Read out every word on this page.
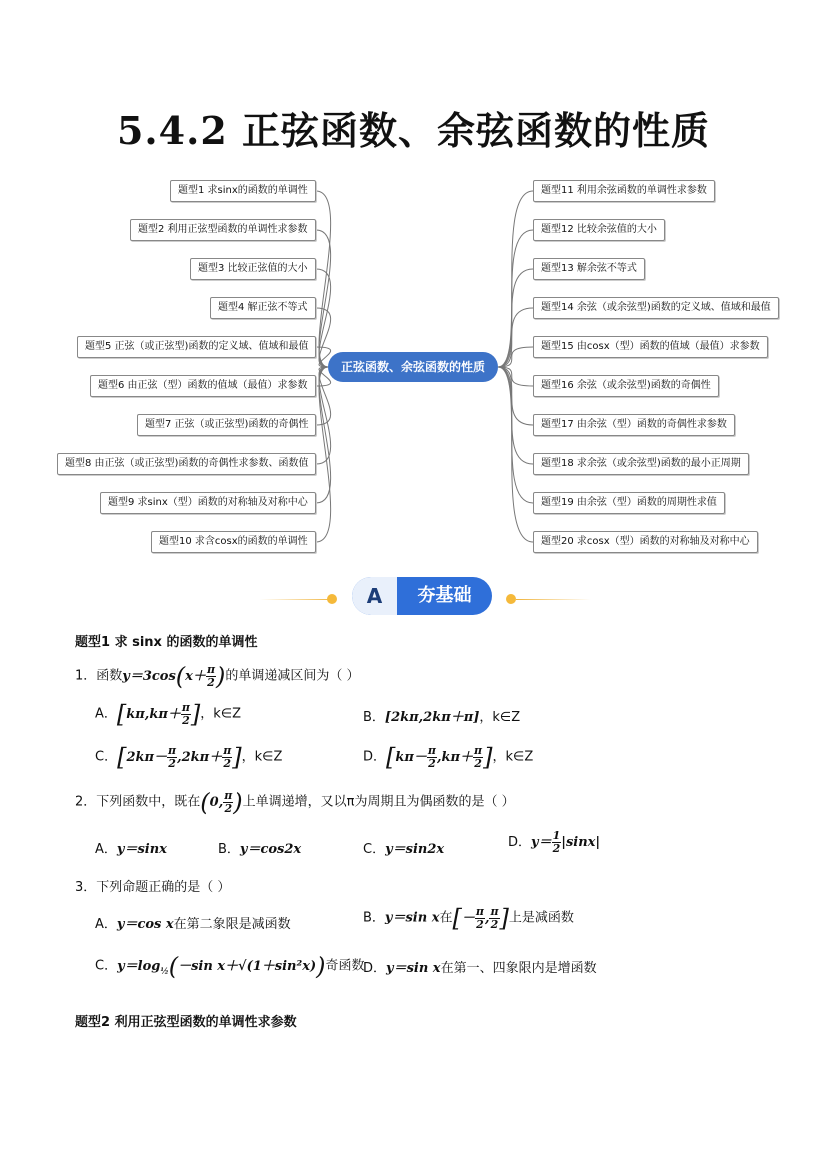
5.4.2 正弦函数、余弦函数的性质
正弦函数、余弦函数的性质
题型1 求sinx的函数的单调性
题型2 利用正弦型函数的单调性求参数
题型3 比较正弦值的大小
题型4 解正弦不等式
题型5 正弦（或正弦型)函数的定义域、值域和最值
题型6 由正弦（型）函数的值域（最值）求参数
题型7 正弦（或正弦型)函数的奇偶性
题型8 由正弦（或正弦型)函数的奇偶性求参数、函数值
题型9 求sinx（型）函数的对称轴及对称中心
题型10 求含cosx的函数的单调性
题型11 利用余弦函数的单调性求参数
题型12 比较余弦值的大小
题型13 解余弦不等式
题型14 余弦（或余弦型)函数的定义域、值域和最值
题型15 由cosx（型）函数的值域（最值）求参数
题型16 余弦（或余弦型)函数的奇偶性
题型17 由余弦（型）函数的奇偶性求参数
题型18 求余弦（或余弦型)函数的最小正周期
题型19 由余弦（型）函数的周期性求值
题型20 求cosx（型）函数的对称轴及对称中心
A	夯基础
题型1 求 sinx 的函数的单调性
1．函数$y=3\cos(x+ \frac{\pi}{2}$ )的单调递减区间为（ ）
A．[$k\pi,k\pi+ \frac{\pi}{2}$ ]，k∈Z	B．[2kπ,2kπ＋π]，k∈Z
C．[$2k\pi- \frac{\pi}{2} ,2k\pi+ \frac{\pi}{2}$ ]，k∈Z	D．[$k\pi- \frac{\pi}{2} ,k\pi+ \frac{\pi}{2}$ ]，k∈Z
2．下列函数中，既在(0, $\frac{\pi}{2}$ )上单调递增，又以π为周期且为偶函数的是（ ）
A．y＝sinx	B．y＝cos2x	C．y＝sin2x	D．$y= \frac{1}{2} |\sin x|$
3．下列命题正确的是（ ）
A．y＝cos x在第二象限是减函数	B．y＝sin x在[－ $\frac{\pi}{2}$ , $\frac{\pi}{2}$ ]上是减函数
C．$y=\log_{\frac{1}{2}}(-\sin$ x＋√(1＋sin²x))奇函数
D．y＝sin x在第一、四象限内是增函数
题型2 利用正弦型函数的单调性求参数
